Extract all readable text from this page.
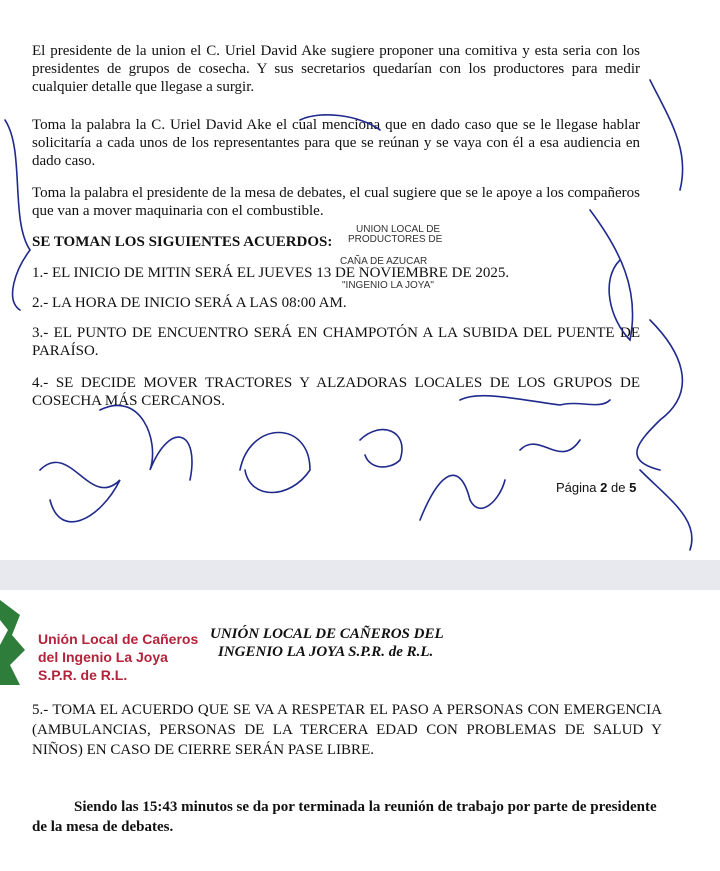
El presidente de la union el C. Uriel David Ake sugiere proponer una comitiva y esta seria con los presidentes de grupos de cosecha. Y sus secretarios quedarían con los productores para medir cualquier detalle que llegase a surgir.

Toma la palabra la C. Uriel David Ake el cual menciona que en dado caso que se le llegase hablar solicitaría a cada unos de los representantes para que se reúnan y se vaya con él a esa audiencia en dado caso.

Toma la palabra el presidente de la mesa de debates, el cual sugiere que se le apoye a los compañeros que van a mover maquinaria con el combustible.

SE TOMAN LOS SIGUIENTES ACUERDOS:

1.- EL INICIO DE MITIN SERÁ EL JUEVES 13 DE NOVIEMBRE DE 2025.

2.- LA HORA DE INICIO SERÁ A LAS 08:00 AM.

3.- EL PUNTO DE ENCUENTRO SERÁ EN CHAMPOTÓN A LA SUBIDA DEL PUENTE DE PARAÍSO.

4.- SE DECIDE MOVER TRACTORES Y ALZADORAS LOCALES DE LOS GRUPOS DE COSECHA MÁS CERCANOS.

UNION LOCAL DE
PRODUCTORES DE
CAÑA DE AZUCAR
"INGENIO LA JOYA"
Página 2 de 5
Unión Local de Cañeros
del Ingenio La Joya
S.P.R. de R.L.
UNIÓN LOCAL DE CAÑEROS DEL
INGENIO LA JOYA S.P.R. de R.L.

5.- TOMA EL ACUERDO QUE SE VA A RESPETAR EL PASO A PERSONAS CON EMERGENCIA (AMBULANCIAS, PERSONAS DE LA TERCERA EDAD CON PROBLEMAS DE SALUD Y NIÑOS) EN CASO DE CIERRE SERÁN PASE LIBRE.

Siendo las 15:43 minutos se da por terminada la reunión de trabajo por parte de presidente de la mesa de debates.
